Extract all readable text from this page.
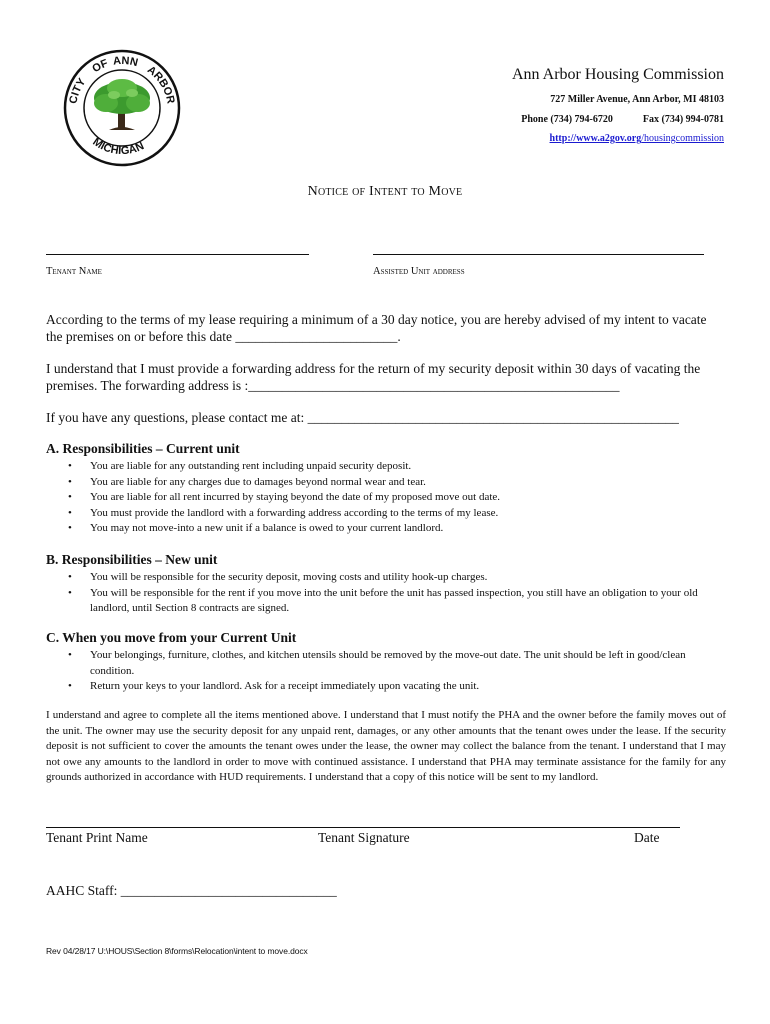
CITY
OF ANN
ARBOR
MICHIGAN
Ann Arbor Housing Commission
727 Miller Avenue, Ann Arbor, MI 48103
Phone (734) 794-6720	Fax (734) 994-0781
http://www.a2gov.org/housingcommission
Notice of Intent to Move
Tenant Name	Assisted Unit address
According to the terms of my lease requiring a minimum of a 30 day notice, you are hereby advised of my intent to vacate the premises on or before this date ________________________.
I understand that I must provide a forwarding address for the return of my security deposit within 30 days of vacating the premises. The forwarding address is :_______________________________________________________
If you have any questions, please contact me at: _______________________________________________________
A. Responsibilities – Current unit
• You are liable for any outstanding rent including unpaid security deposit.
• You are liable for any charges due to damages beyond normal wear and tear.
• You are liable for all rent incurred by staying beyond the date of my proposed move out date.
• You must provide the landlord with a forwarding address according to the terms of my lease.
• You may not move-into a new unit if a balance is owed to your current landlord.
B. Responsibilities – New unit
• You will be responsible for the security deposit, moving costs and utility hook-up charges.
• You will be responsible for the rent if you move into the unit before the unit has passed inspection, you still have an obligation to your old landlord, until Section 8 contracts are signed.
C. When you move from your Current Unit
• Your belongings, furniture, clothes, and kitchen utensils should be removed by the move-out date. The unit should be left in good/clean condition.
• Return your keys to your landlord. Ask for a receipt immediately upon vacating the unit.
I understand and agree to complete all the items mentioned above. I understand that I must notify the PHA and the owner before the family moves out of the unit. The owner may use the security deposit for any unpaid rent, damages, or any other amounts that the tenant owes under the lease. If the security deposit is not sufficient to cover the amounts the tenant owes under the lease, the owner may collect the balance from the tenant. I understand that I may not owe any amounts to the landlord in order to move with continued assistance. I understand that PHA may terminate assistance for the family for any grounds authorized in accordance with HUD requirements. I understand that a copy of this notice will be sent to my landlord.
Tenant Print Name	Tenant Signature	Date
AAHC Staff: ________________________________
Rev 04/28/17 U:\HOUS\Section 8\forms\Relocation\intent to move.docx
